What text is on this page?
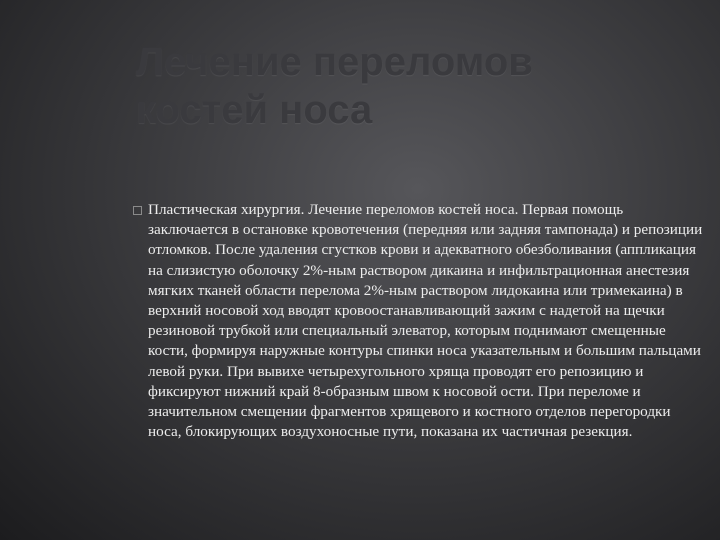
Лечение переломов
костей носа

Пластическая хирургия. Лечение переломов костей носа. Первая помощь заключается в остановке кровотечения (передняя или задняя тампонада) и репозиции отломков. После удаления сгустков крови и адекватного обезболивания (аппликация на слизистую оболочку 2%-ным раствором дикаина и инфильтрационная анестезия мягких тканей области перелома 2%-ным раствором лидокаина или тримекаина) в верхний носовой ход вводят кровоостанавливающий зажим с надетой на щечки резиновой трубкой или специальный элеватор, которым поднимают смещенные кости, формируя наружные контуры спинки носа указательным и большим пальцами левой руки. При вывихе четырехугольного хряща проводят его репозицию и фиксируют нижний край 8-образным швом к носовой ости. При переломе и значительном смещении фрагментов хрящевого и костного отделов перегородки носа, блокирующих воздухоносные пути, показана их частичная резекция.
